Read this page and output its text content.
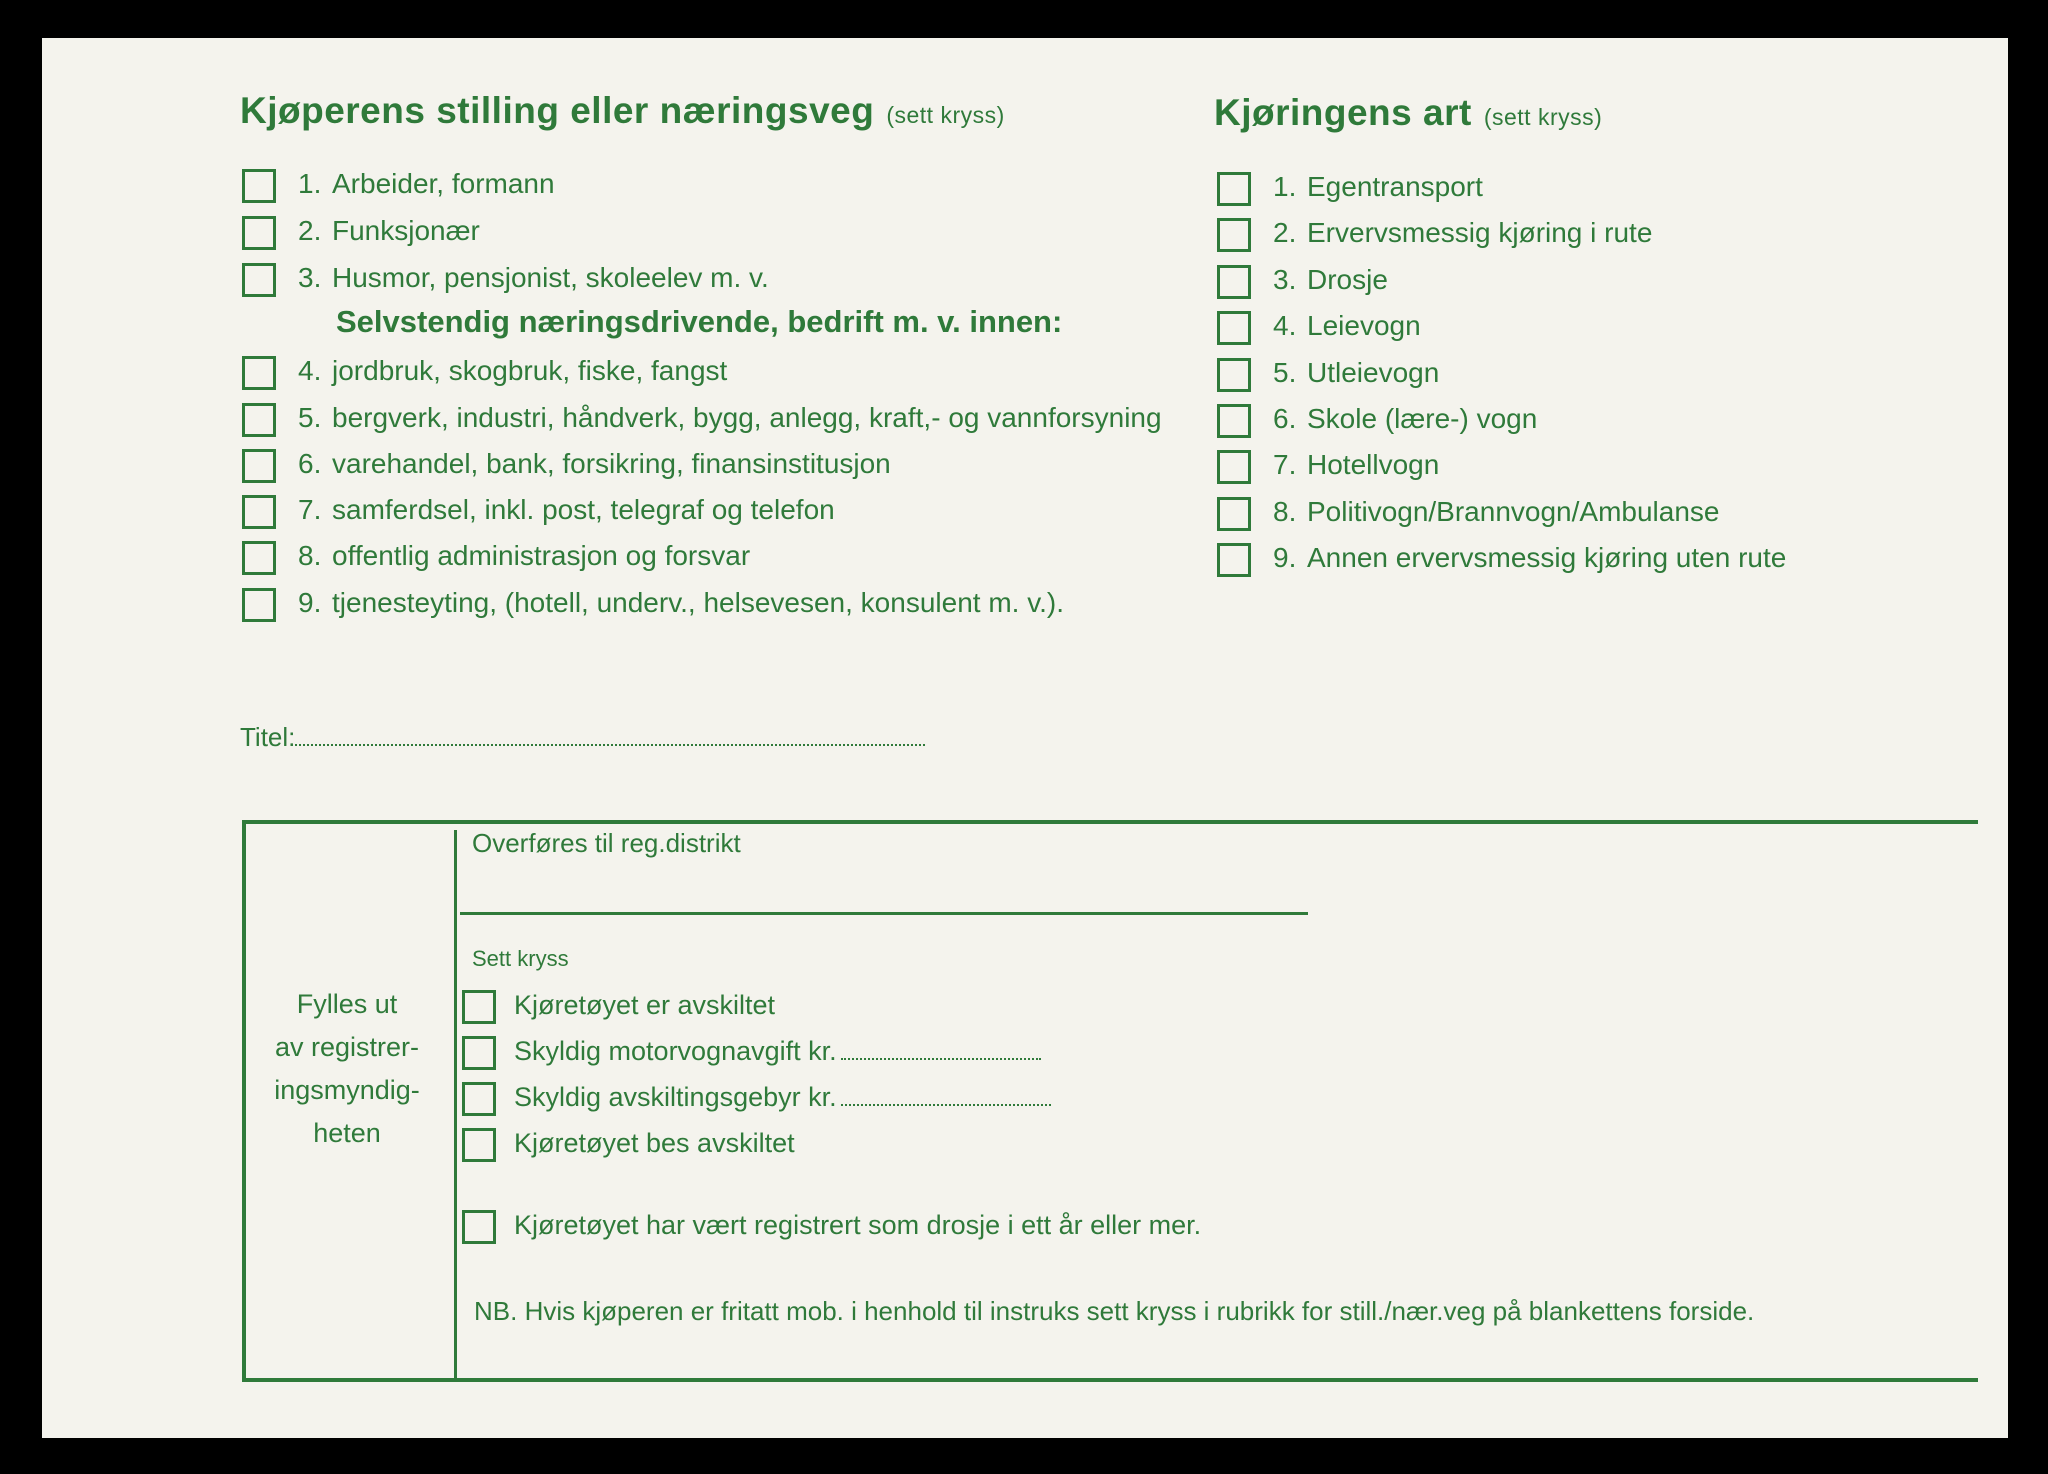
Kjøperens stilling eller næringsveg (sett kryss)	Kjøringens art (sett kryss)
1. Arbeider, formann
2. Funksjonær
3. Husmor, pensjonist, skoleelev m. v.
Selvstendig næringsdrivende, bedrift m. v. innen:
4. jordbruk, skogbruk, fiske, fangst
5. bergverk, industri, håndverk, bygg, anlegg, kraft,- og vannforsyning
6. varehandel, bank, forsikring, finansinstitusjon
7. samferdsel, inkl. post, telegraf og telefon
8. offentlig administrasjon og forsvar
9. tjenesteyting, (hotell, underv., helsevesen, konsulent m. v.).
1. Egentransport
2. Ervervsmessig kjøring i rute
3. Drosje
4. Leievogn
5. Utleievogn
6. Skole (lære-) vogn
7. Hotellvogn
8. Politivogn/Brannvogn/Ambulanse
9. Annen ervervsmessig kjøring uten rute
Titel:
Fylles ut
av registrer-
ingsmyndig-
heten
Overføres til reg.distrikt
Sett kryss
Kjøretøyet er avskiltet
Skyldig motorvognavgift kr.
Skyldig avskiltingsgebyr kr.
Kjøretøyet bes avskiltet
Kjøretøyet har vært registrert som drosje i ett år eller mer.
NB. Hvis kjøperen er fritatt mob. i henhold til instruks sett kryss i rubrikk for still./nær.veg på blankettens forside.
